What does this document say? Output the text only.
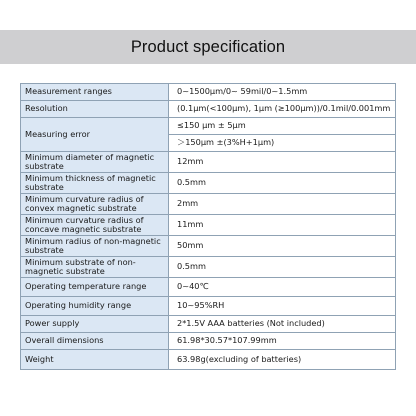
Product specification
Measurement ranges	0~1500μm/0~ 59mil/0~1.5mm
Resolution	(0.1μm(<100μm), 1μm (≥100μm))/0.1mil/0.001mm
Measuring error	≤150 μm ± 5μm
	＞150μm ±(3%H+1μm)
Minimum diameter of magnetic substrate	12mm
Minimum thickness of magnetic substrate	0.5mm
Minimum curvature radius of convex magnetic substrate	2mm
Minimum curvature radius of concave magnetic substrate	11mm
Minimum radius of non-magnetic substrate	50mm
Minimum substrate of non-magnetic substrate	0.5mm
Operating temperature range	0~40℃
Operating humidity range	10~95%RH
Power supply	2*1.5V AAA batteries (Not included)
Overall dimensions	61.98*30.57*107.99mm
Weight	63.98g(excluding of batteries)
